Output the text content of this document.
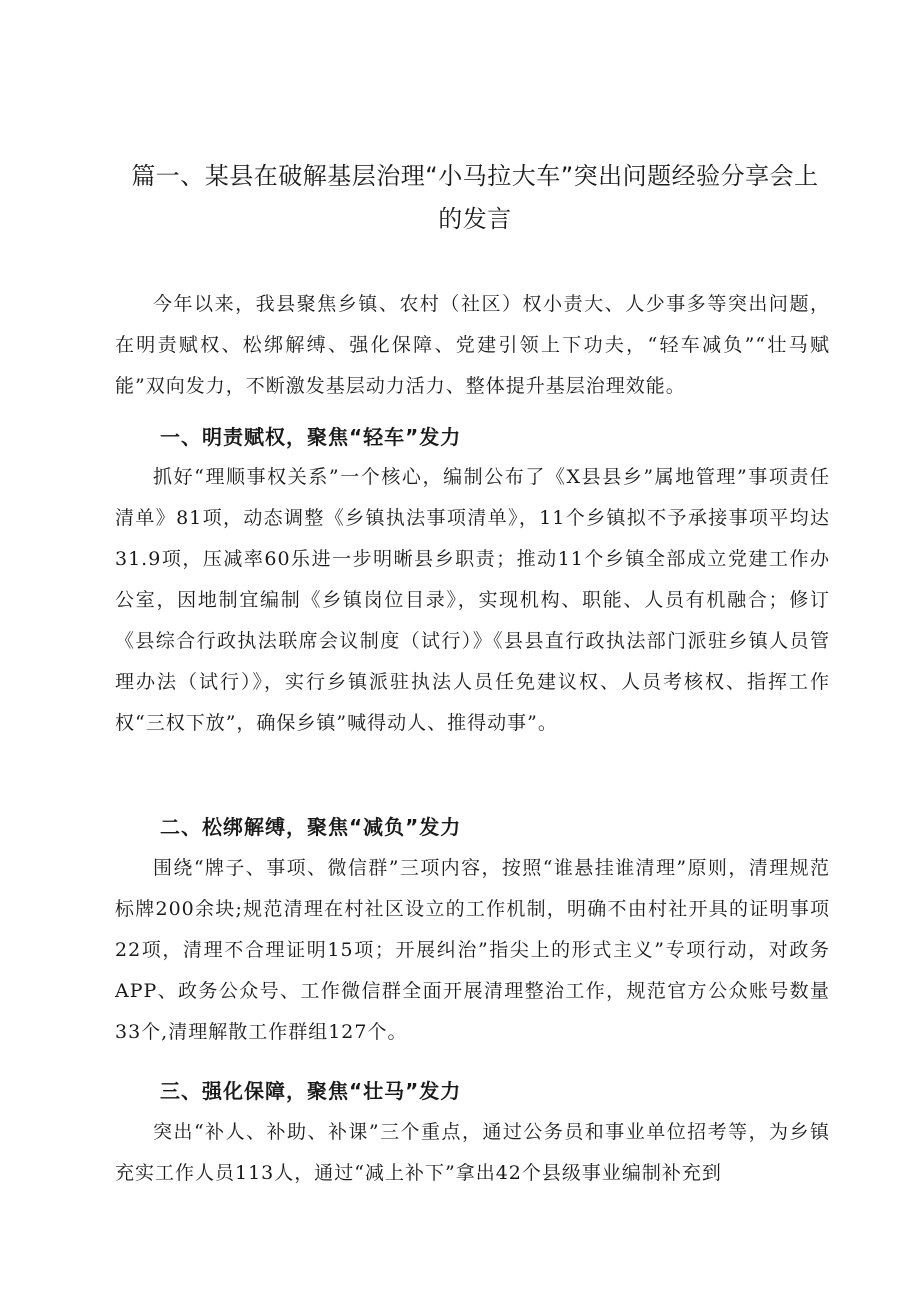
篇一、某县在破解基层治理“小马拉大车”突出问题经验分享会上
的发言

今年以来，我县聚焦乡镇、农村（社区）权小责大、人少事多等突出问题，在明责赋权、松绑解缚、强化保障、党建引领上下功夫，“轻车减负”“壮马赋能”双向发力，不断激发基层动力活力、整体提升基层治理效能。

一、明责赋权，聚焦“轻车”发力

抓好“理顺事权关系”一个核心，编制公布了《X县县乡”属地管理”事项责任清单》81项，动态调整《乡镇执法事项清单》，11个乡镇拟不予承接事项平均达31.9项，压减率60乐进一步明晰县乡职责；推动11个乡镇全部成立党建工作办公室，因地制宜编制《乡镇岗位目录》，实现机构、职能、人员有机融合；修订《县综合行政执法联席会议制度（试行）》《县县直行政执法部门派驻乡镇人员管理办法（试行）》，实行乡镇派驻执法人员任免建议权、人员考核权、指挥工作权“三权下放”，确保乡镇”喊得动人、推得动事”。

二、松绑解缚，聚焦“减负”发力

围绕“牌子、事项、微信群”三项内容，按照“谁悬挂谁清理”原则，清理规范标牌200余块;规范清理在村社区设立的工作机制，明确不由村社开具的证明事项22项，清理不合理证明15项；开展纠治”指尖上的形式主义”专项行动，对政务APP、政务公众号、工作微信群全面开展清理整治工作，规范官方公众账号数量33个,清理解散工作群组127个。

三、强化保障，聚焦“壮马”发力

突出“补人、补助、补课”三个重点，通过公务员和事业单位招考等，为乡镇充实工作人员113人，通过“减上补下”拿出42个县级事业编制补充到
